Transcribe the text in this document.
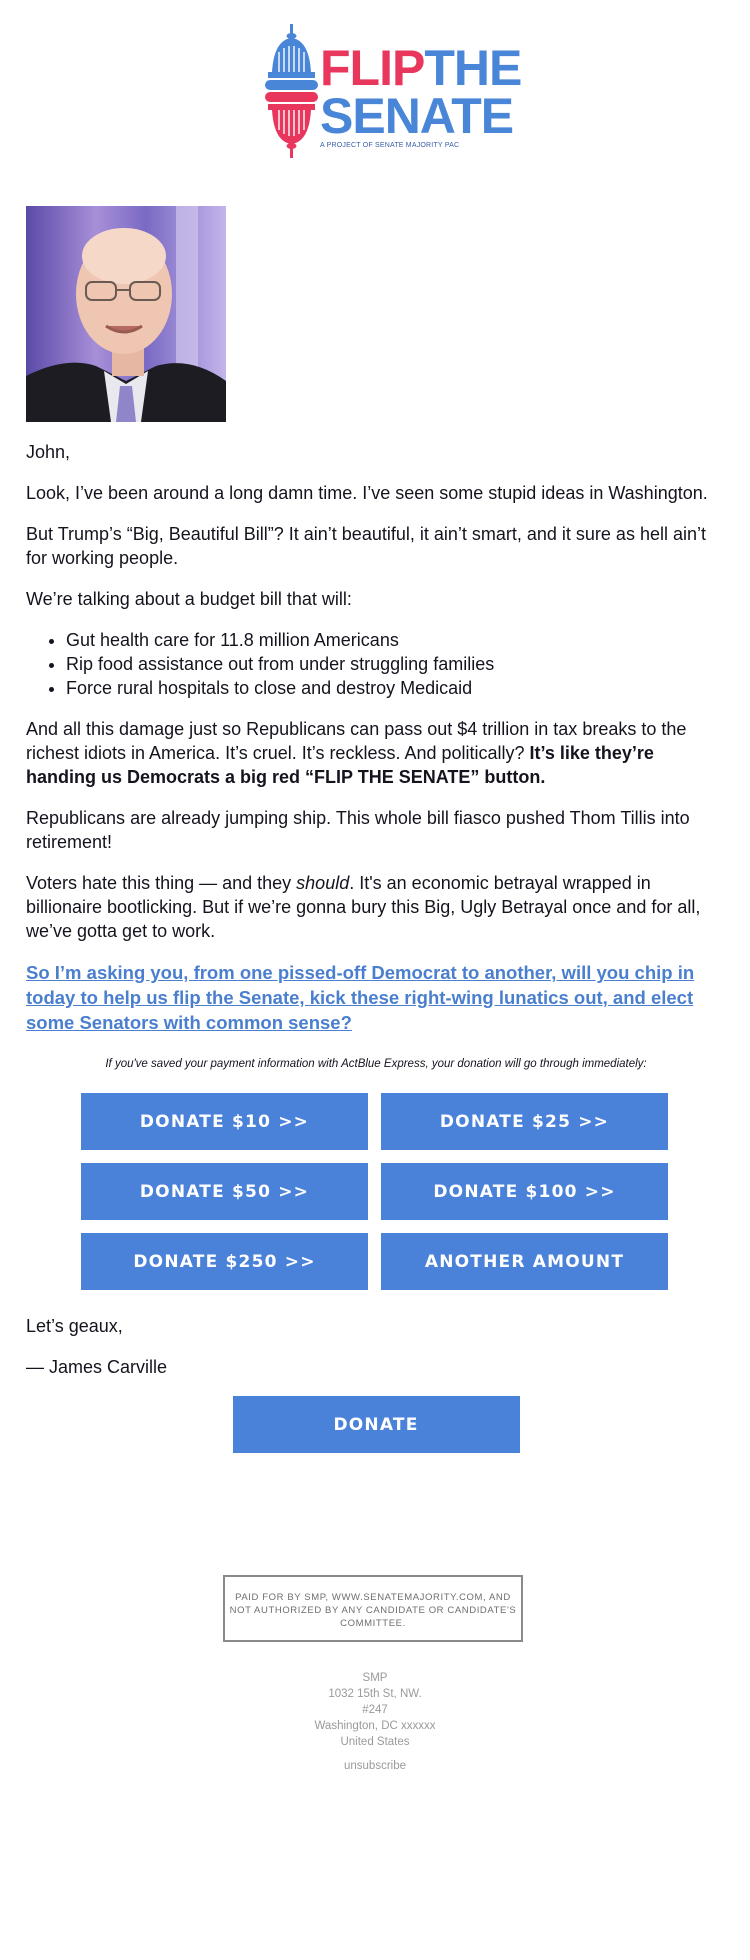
FLIPTHE
SENATE
A PROJECT OF SENATE MAJORITY PAC

John,

Look, I’ve been around a long damn time. I’ve seen some stupid ideas in Washington.

But Trump’s “Big, Beautiful Bill”? It ain’t beautiful, it ain’t smart, and it sure as hell ain’t for working people.

We’re talking about a budget bill that will:

• Gut health care for 11.8 million Americans
• Rip food assistance out from under struggling families
• Force rural hospitals to close and destroy Medicaid

And all this damage just so Republicans can pass out $4 trillion in tax breaks to the richest idiots in America. It’s cruel. It’s reckless. And politically? It’s like they’re handing us Democrats a big red “FLIP THE SENATE” button.

Republicans are already jumping ship. This whole bill fiasco pushed Thom Tillis into retirement!

Voters hate this thing — and they should. It's an economic betrayal wrapped in billionaire bootlicking. But if we’re gonna bury this Big, Ugly Betrayal once and for all, we’ve gotta get to work.

So I’m asking you, from one pissed-off Democrat to another, will you chip in today to help us flip the Senate, kick these right-wing lunatics out, and elect some Senators with common sense?

If you've saved your payment information with ActBlue Express, your donation will go through immediately:

DONATE $10 >>	DONATE $25 >>
DONATE $50 >>	DONATE $100 >>
DONATE $250 >>	ANOTHER AMOUNT

Let’s geaux,

— James Carville

DONATE
PAID FOR BY SMP, WWW.SENATEMAJORITY.COM, AND NOT AUTHORIZED BY ANY CANDIDATE OR CANDIDATE'S COMMITTEE.
SMP
1032 15th St, NW.
#247
Washington, DC xxxxxx
United States
unsubscribe
